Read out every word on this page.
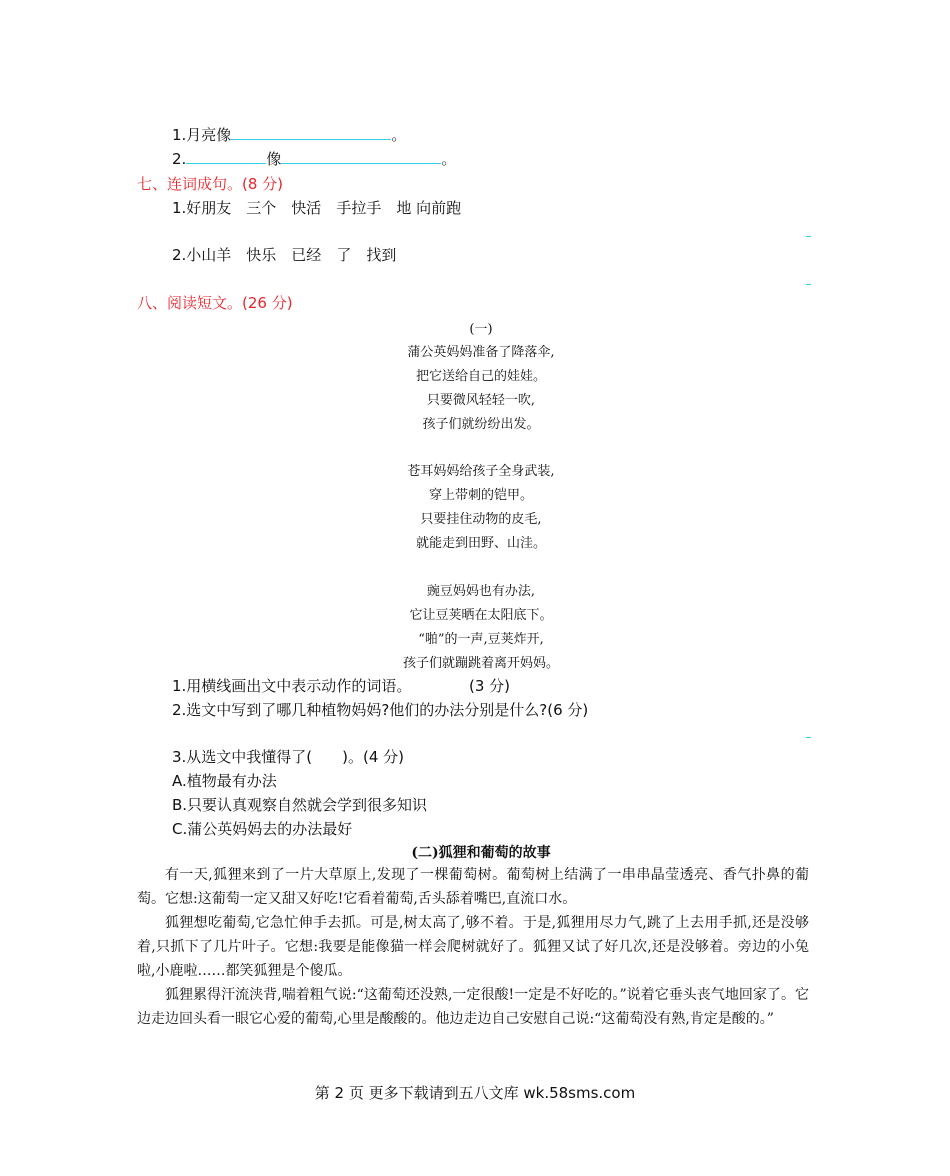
1.月亮像	。
2.	像	。
七、连词成句。(8 分)
1.好朋友　三个　快活　手拉手　地 向前跑
2.小山羊　快乐　已经　了　找到
八、阅读短文。(26 分)
(一)
蒲公英妈妈准备了降落伞,
把它送给自己的娃娃。
只要微风轻轻一吹,
孩子们就纷纷出发。
苍耳妈妈给孩子全身武装,
穿上带刺的铠甲。
只要挂住动物的皮毛,
就能走到田野、山洼。
豌豆妈妈也有办法,
它让豆荚晒在太阳底下。
“啪”的一声,豆荚炸开,
孩子们就蹦跳着离开妈妈。
1.用横线画出文中表示动作的词语。	(3 分)
2.选文中写到了哪几种植物妈妈?他们的办法分别是什么?(6 分)
3.从选文中我懂得了(　　)。(4 分)
A.植物最有办法
B.只要认真观察自然就会学到很多知识
C.蒲公英妈妈去的办法最好
(二)狐狸和葡萄的故事

有一天,狐狸来到了一片大草原上,发现了一棵葡萄树。葡萄树上结满了一串串晶莹透亮、香气扑鼻的葡萄。它想:这葡萄一定又甜又好吃!它看着葡萄,舌头舔着嘴巴,直流口水。

狐狸想吃葡萄,它急忙伸手去抓。可是,树太高了,够不着。于是,狐狸用尽力气,跳了上去用手抓,还是没够着,只抓下了几片叶子。它想:我要是能像猫一样会爬树就好了。狐狸又试了好几次,还是没够着。旁边的小兔啦,小鹿啦……都笑狐狸是个傻瓜。

狐狸累得汗流浃背,喘着粗气说:“这葡萄还没熟,一定很酸!一定是不好吃的。”说着它垂头丧气地回家了。它边走边回头看一眼它心爱的葡萄,心里是酸酸的。他边走边自己安慰自己说:“这葡萄没有熟,肯定是酸的。”

第 2 页 更多下载请到五八文库 wk.58sms.com
